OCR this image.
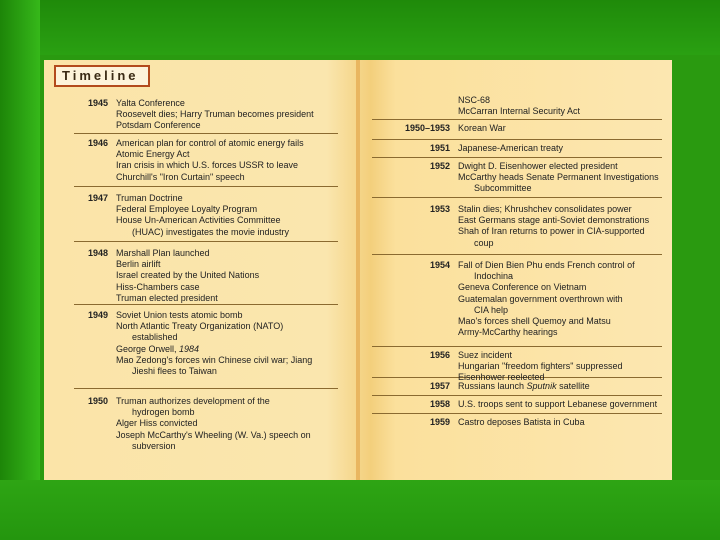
Timeline
1945 Yalta Conference
Roosevelt dies; Harry Truman becomes president
Potsdam Conference
1946 American plan for control of atomic energy fails
Atomic Energy Act
Iran crisis in which U.S. forces USSR to leave
Churchill's "Iron Curtain" speech
1947 Truman Doctrine
Federal Employee Loyalty Program
House Un-American Activities Committee
(HUAC) investigates the movie industry
1948 Marshall Plan launched
Berlin airlift
Israel created by the United Nations
Hiss-Chambers case
Truman elected president
1949 Soviet Union tests atomic bomb
North Atlantic Treaty Organization (NATO)
established
George Orwell, 1984
Mao Zedong's forces win Chinese civil war; Jiang
Jieshi flees to Taiwan
1950 Truman authorizes development of the
hydrogen bomb
Alger Hiss convicted
Joseph McCarthy's Wheeling (W. Va.) speech on
subversion
NSC-68
McCarran Internal Security Act
1950–1953 Korean War
1951 Japanese-American treaty
1952 Dwight D. Eisenhower elected president
McCarthy heads Senate Permanent Investigations
Subcommittee
1953 Stalin dies; Khrushchev consolidates power
East Germans stage anti-Soviet demonstrations
Shah of Iran returns to power in CIA-supported
coup
1954 Fall of Dien Bien Phu ends French control of
Indochina
Geneva Conference on Vietnam
Guatemalan government overthrown with
CIA help
Mao's forces shell Quemoy and Matsu
Army-McCarthy hearings
1956 Suez incident
Hungarian "freedom fighters" suppressed
Eisenhower reelected
1957 Russians launch Sputnik satellite
1958 U.S. troops sent to support Lebanese government
1959 Castro deposes Batista in Cuba
